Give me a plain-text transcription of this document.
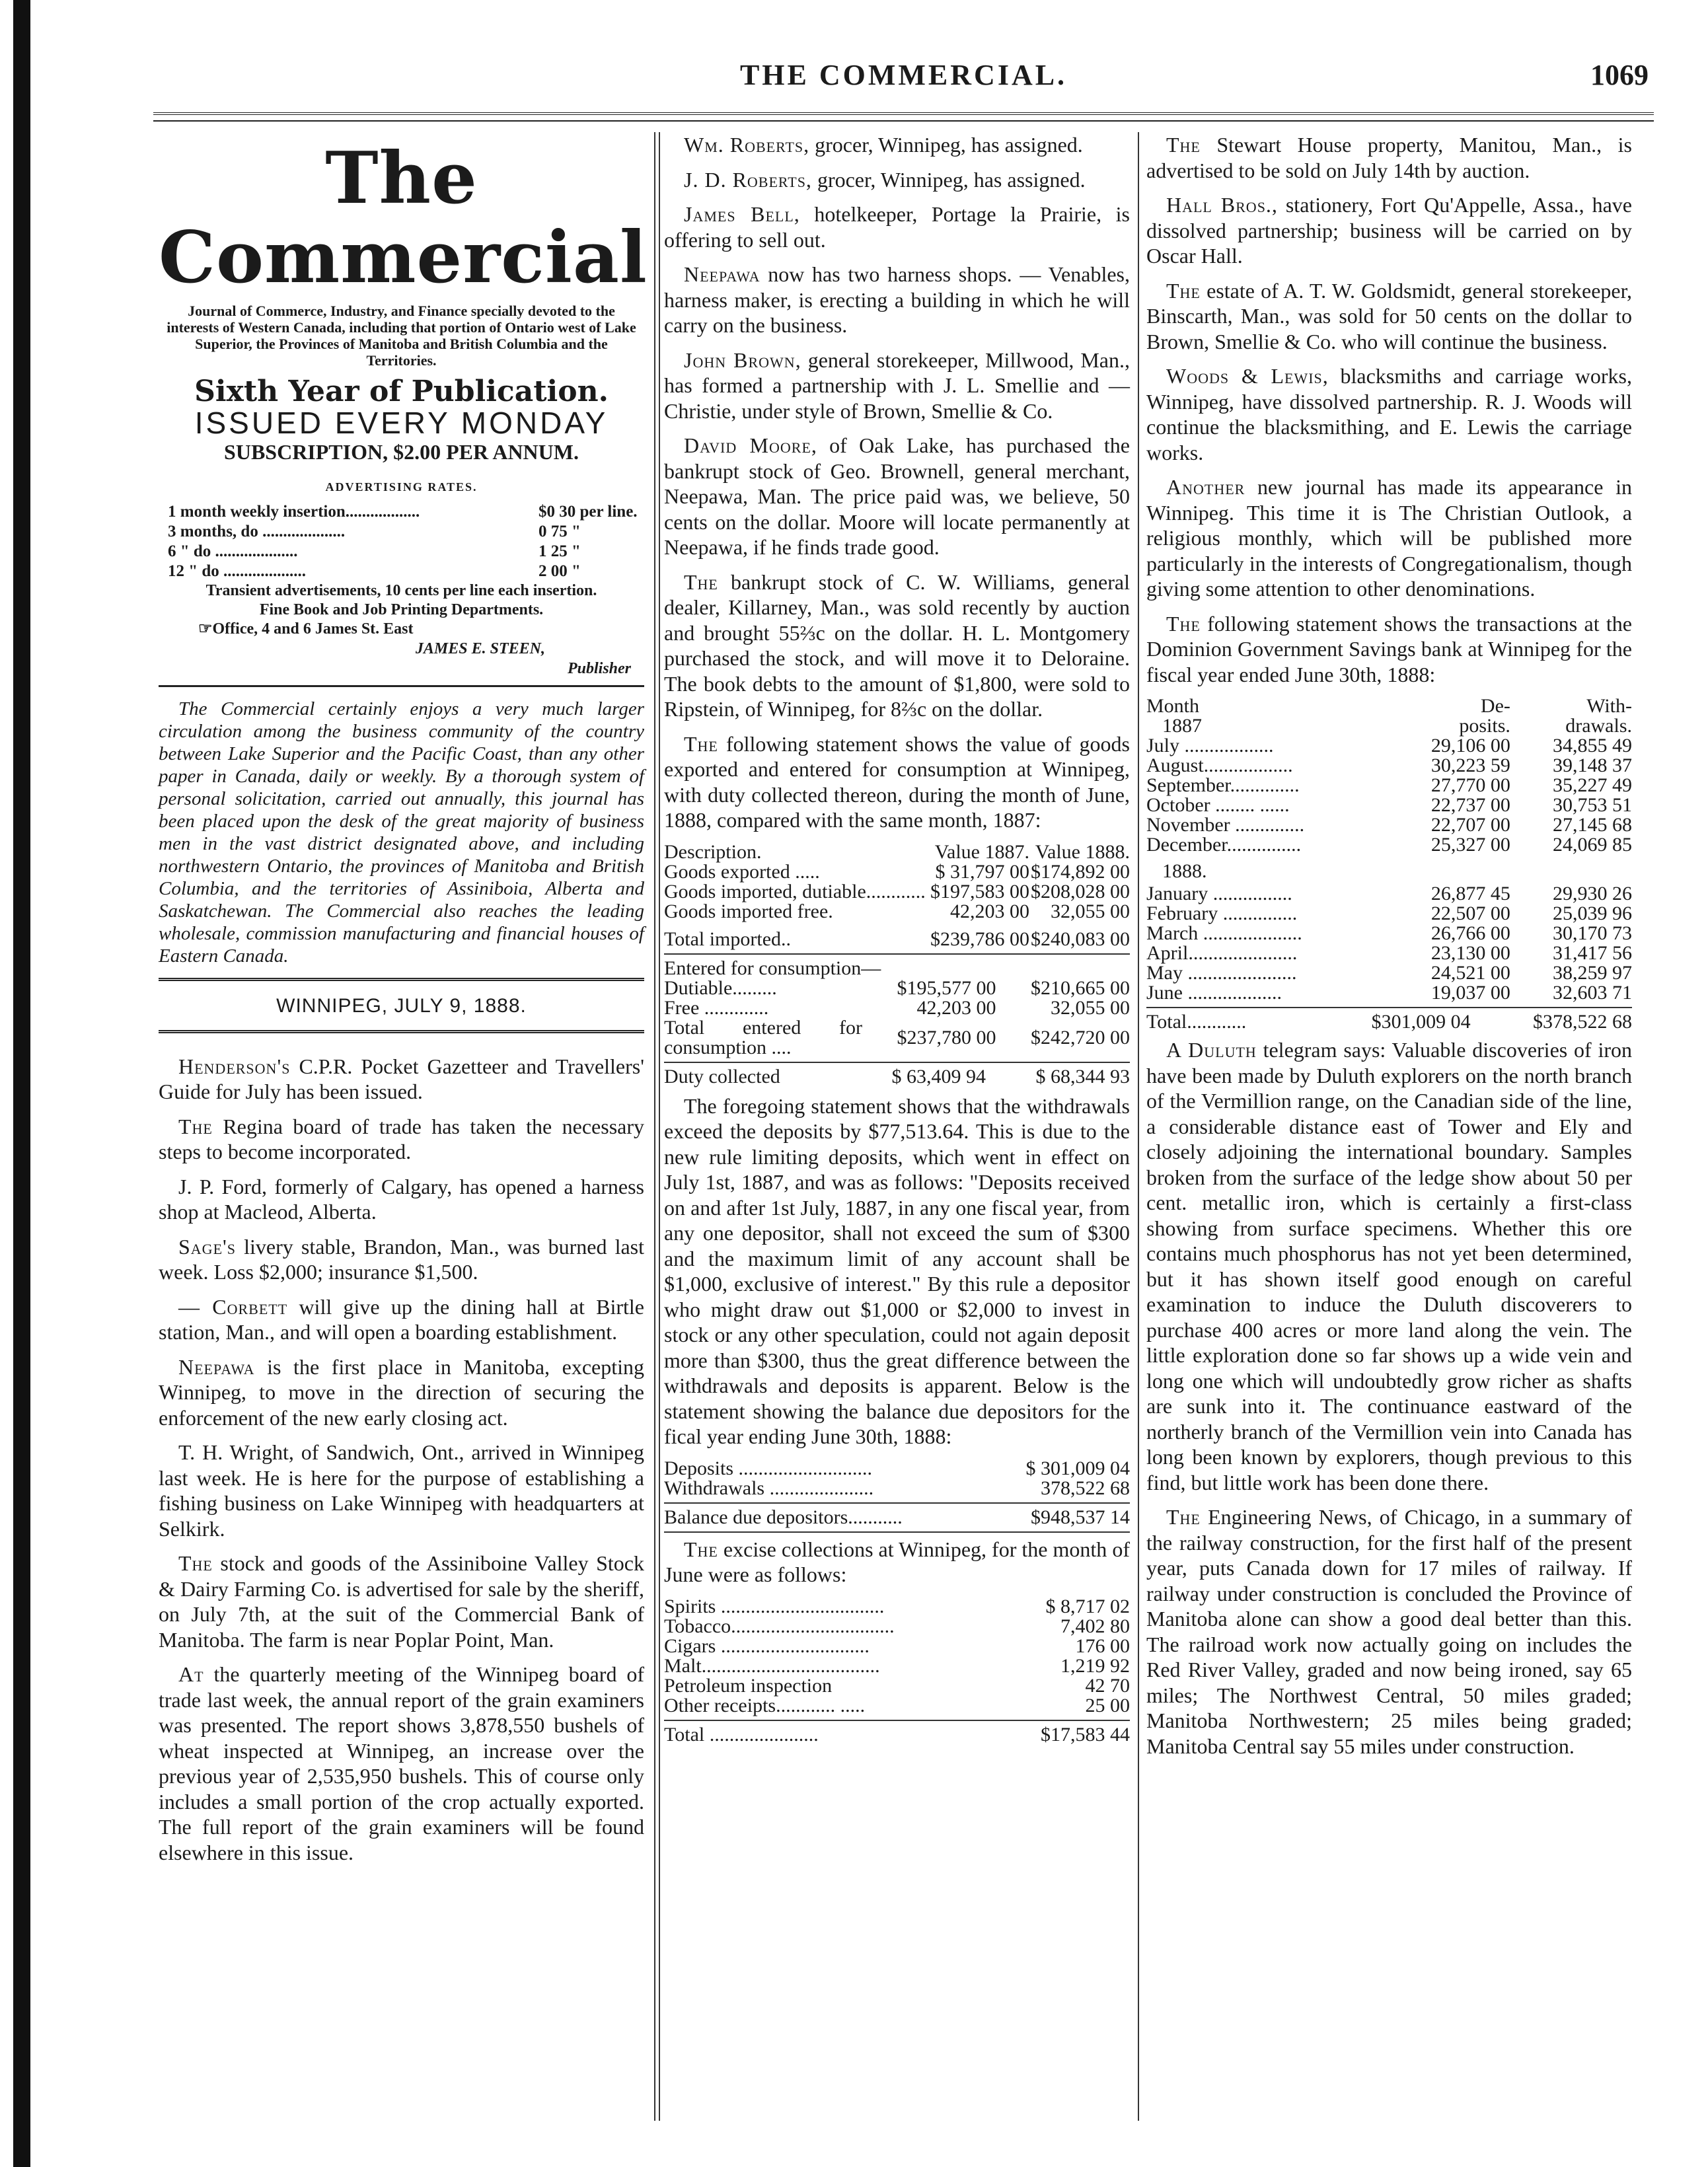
THE COMMERCIAL.	1069
The Commercial
Journal of Commerce, Industry, and Finance specially devoted to the interests of Western Canada, including that portion of Ontario west of Lake Superior, the Provinces of Manitoba and British Columbia and the Territories.
Sixth Year of Publication.
ISSUED EVERY MONDAY
SUBSCRIPTION, $2.00 PER ANNUM.
ADVERTISING RATES.
1 month weekly insertion..................	$0 30 per line.
3 months, do ....................	0 75 "
6 " do ....................	1 25 "
12 " do ....................	2 00 "
Transient advertisements, 10 cents per line each insertion.
Fine Book and Job Printing Departments.
☞Office, 4 and 6 James St. East
JAMES E. STEEN,
Publisher
The Commercial certainly enjoys a very much larger circulation among the business community of the country between Lake Superior and the Pacific Coast, than any other paper in Canada, daily or weekly. By a thorough system of personal solicitation, carried out annually, this journal has been placed upon the desk of the great majority of business men in the vast district designated above, and including northwestern Ontario, the provinces of Manitoba and British Columbia, and the territories of Assiniboia, Alberta and Saskatchewan. The Commercial also reaches the leading wholesale, commission manufacturing and financial houses of Eastern Canada.
WINNIPEG, JULY 9, 1888.

Henderson's C.P.R. Pocket Gazetteer and Travellers' Guide for July has been issued.

The Regina board of trade has taken the necessary steps to become incorporated.

J. P. Ford, formerly of Calgary, has opened a harness shop at Macleod, Alberta.

Sage's livery stable, Brandon, Man., was burned last week. Loss $2,000; insurance $1,500.

— Corbett will give up the dining hall at Birtle station, Man., and will open a boarding establishment.

Neepawa is the first place in Manitoba, excepting Winnipeg, to move in the direction of securing the enforcement of the new early closing act.

T. H. Wright, of Sandwich, Ont., arrived in Winnipeg last week. He is here for the purpose of establishing a fishing business on Lake Winnipeg with headquarters at Selkirk.

The stock and goods of the Assiniboine Valley Stock & Dairy Farming Co. is advertised for sale by the sheriff, on July 7th, at the suit of the Commercial Bank of Manitoba. The farm is near Poplar Point, Man.

At the quarterly meeting of the Winnipeg board of trade last week, the annual report of the grain examiners was presented. The report shows 3,878,550 bushels of wheat inspected at Winnipeg, an increase over the previous year of 2,535,950 bushels. This of course only includes a small portion of the crop actually exported. The full report of the grain examiners will be found elsewhere in this issue.

Wm. Roberts, grocer, Winnipeg, has assigned.

J. D. Roberts, grocer, Winnipeg, has assigned.

James Bell, hotelkeeper, Portage la Prairie, is offering to sell out.

Neepawa now has two harness shops. — Venables, harness maker, is erecting a building in which he will carry on the business.

John Brown, general storekeeper, Millwood, Man., has formed a partnership with J. L. Smellie and — Christie, under style of Brown, Smellie & Co.

David Moore, of Oak Lake, has purchased the bankrupt stock of Geo. Brownell, general merchant, Neepawa, Man. The price paid was, we believe, 50 cents on the dollar. Moore will locate permanently at Neepawa, if he finds trade good.

The bankrupt stock of C. W. Williams, general dealer, Killarney, Man., was sold recently by auction and brought 55⅔c on the dollar. H. L. Montgomery purchased the stock, and will move it to Deloraine. The book debts to the amount of $1,800, were sold to Ripstein, of Winnipeg, for 8⅔c on the dollar.

The following statement shows the value of goods exported and entered for consumption at Winnipeg, with duty collected thereon, during the month of June, 1888, compared with the same month, 1887:

Description.	Value 1887.	Value 1888.
Goods exported .....	$ 31,797 00	$174,892 00
Goods imported, dutiable............	$197,583 00	$208,028 00
Goods imported free.	42,203 00	32,055 00
Total imported..	$239,786 00	$240,083 00
Entered for consumption—		
Dutiable.........	$195,577 00	$210,665 00
Free .............	42,203 00	32,055 00
Total entered for consumption ....	$237,780 00	$242,720 00
Duty collected	$ 63,409 94	$ 68,344 93

The foregoing statement shows that the withdrawals exceed the deposits by $77,513.64. This is due to the new rule limiting deposits, which went in effect on July 1st, 1887, and was as follows: "Deposits received on and after 1st July, 1887, in any one fiscal year, from any one depositor, shall not exceed the sum of $300 and the maximum limit of any account shall be $1,000, exclusive of interest." By this rule a depositor who might draw out $1,000 or $2,000 to invest in stock or any other speculation, could not again deposit more than $300, thus the great difference between the withdrawals and deposits is apparent. Below is the statement showing the balance due depositors for the fical year ending June 30th, 1888:

Deposits ...........................	$ 301,009 04
Withdrawals .....................	378,522 68
Balance due depositors...........	$948,537 14

The excise collections at Winnipeg, for the month of June were as follows:

Spirits .................................	$ 8,717 02
Tobacco.................................	7,402 80
Cigars ..............................	176 00
Malt....................................	1,219 92
Petroleum inspection	42 70
Other receipts............ .....	25 00
Total ......................	$17,583 44

The Stewart House property, Manitou, Man., is advertised to be sold on July 14th by auction.

Hall Bros., stationery, Fort Qu'Appelle, Assa., have dissolved partnership; business will be carried on by Oscar Hall.

The estate of A. T. W. Goldsmidt, general storekeeper, Binscarth, Man., was sold for 50 cents on the dollar to Brown, Smellie & Co. who will continue the business.

Woods & Lewis, blacksmiths and carriage works, Winnipeg, have dissolved partnership. R. J. Woods will continue the blacksmithing, and E. Lewis the carriage works.

Another new journal has made its appearance in Winnipeg. This time it is The Christian Outlook, a religious monthly, which will be published more particularly in the interests of Congregationalism, though giving some attention to other denominations.

The following statement shows the transactions at the Dominion Government Savings bank at Winnipeg for the fiscal year ended June 30th, 1888:

Month	De-	With-
1887	posits.	drawals.
July ..................	29,106 00	34,855 49
August..................	30,223 59	39,148 37
September..............	27,770 00	35,227 49
October ........ ......	22,737 00	30,753 51
November ..............	22,707 00	27,145 68
December...............	25,327 00	24,069 85
1888.		
January ................	26,877 45	29,930 26
February ...............	22,507 00	25,039 96
March ....................	26,766 00	30,170 73
April......................	23,130 00	31,417 56
May ......................	24,521 00	38,259 97
June ...................	19,037 00	32,603 71
Total............	$301,009 04	$378,522 68

A Duluth telegram says: Valuable discoveries of iron have been made by Duluth explorers on the north branch of the Vermillion range, on the Canadian side of the line, a considerable distance east of Tower and Ely and closely adjoining the international boundary. Samples broken from the surface of the ledge show about 50 per cent. metallic iron, which is certainly a first-class showing from surface specimens. Whether this ore contains much phosphorus has not yet been determined, but it has shown itself good enough on careful examination to induce the Duluth discoverers to purchase 400 acres or more land along the vein. The little exploration done so far shows up a wide vein and long one which will undoubtedly grow richer as shafts are sunk into it. The continuance eastward of the northerly branch of the Vermillion vein into Canada has long been known by explorers, though previous to this find, but little work has been done there.

The Engineering News, of Chicago, in a summary of the railway construction, for the first half of the present year, puts Canada down for 17 miles of railway. If railway under construction is concluded the Province of Manitoba alone can show a good deal better than this. The railroad work now actually going on includes the Red River Valley, graded and now being ironed, say 65 miles; The Northwest Central, 50 miles graded; Manitoba Northwestern; 25 miles being graded; Manitoba Central say 55 miles under construction.
